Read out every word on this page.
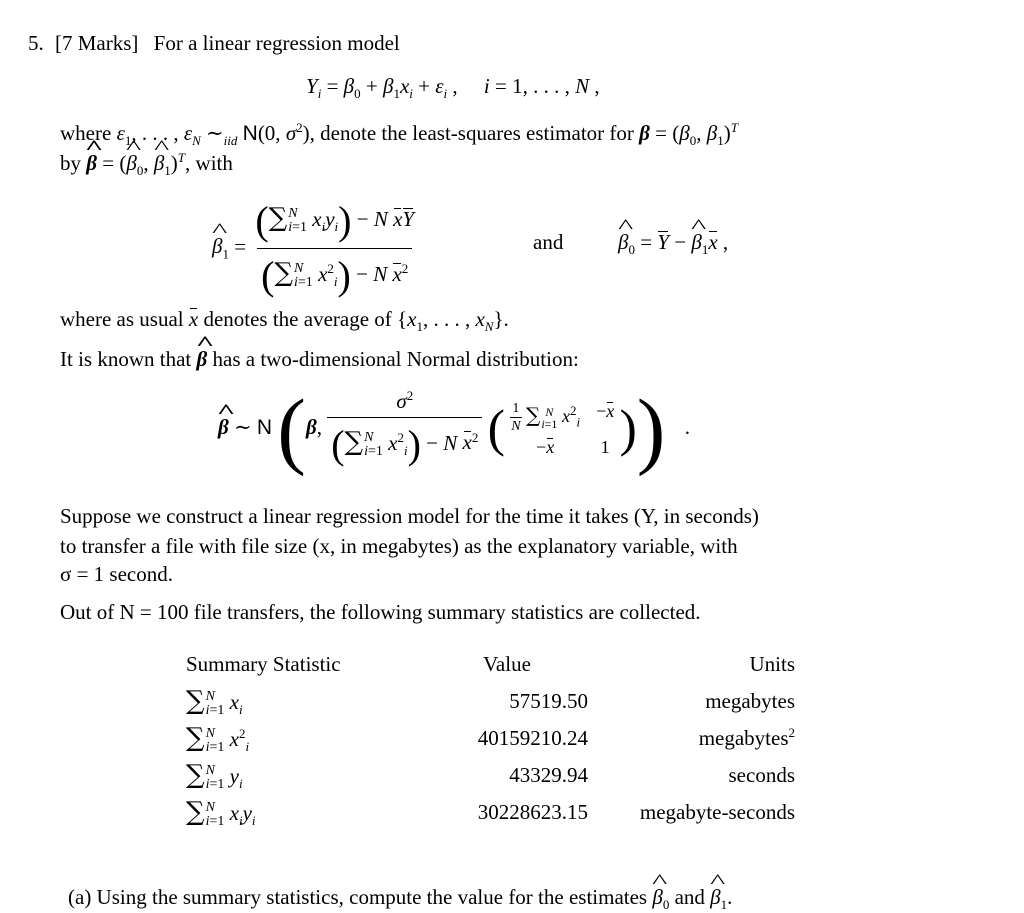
5. [7 Marks] For a linear regression model
$Y_i = \beta_0 + \beta_1x_i + \varepsilon_i$ ,     i = 1, . . . , N ,
where $\varepsilon_1$, . . . , $\varepsilon_N$ $\sim_{iid}$ N(0, $\sigma^2$), denote the least-squares estimator for $\beta = (\beta_0$, $\beta_1)^T$
by ^ β = (^ $\beta_0$, ^ $\beta_1)^T$, with
^ $\beta_1$ = (∑ N
i=1 $x_iy_i) - N$ xY
(∑ N
i=1 $x^2_i) - N$ $x^2$	and	^ $\beta_0 = Y$ − ^ $\beta_1x$ ,
where as usual x denotes the average of {$x_1$, . . . , $x_N$}.
It is known that ^ β has a two-dimensional Normal distribution:
^ β ∼ N (β, $\sigma^2$
(∑ N
i=1 $x^2_i) - N$ $x^2$ ( $\frac{1}{N}$ ∑ N
i=1 $x^2_i$
−x
−x	1 )) .
Suppose we construct a linear regression model for the time it takes (Y, in seconds)
to transfer a file with file size (x, in megabytes) as the explanatory variable, with
σ = 1 second.
Out of N = 100 file transfers, the following summary statistics are collected.
Summary Statistic	Value	Units
∑ N
i=1 $x_i$	57519.50	megabytes
∑ N
i=1 $x^2_i$	40159210.24	megabytes$^2$
∑ N
i=1 $y_i$	43329.94	seconds
∑ N
i=1 $x_iy_i$	30228623.15	megabyte-seconds
(a) Using the summary statistics, compute the value for the estimates ^ $\beta_0$ and ^ $\beta_1$.
